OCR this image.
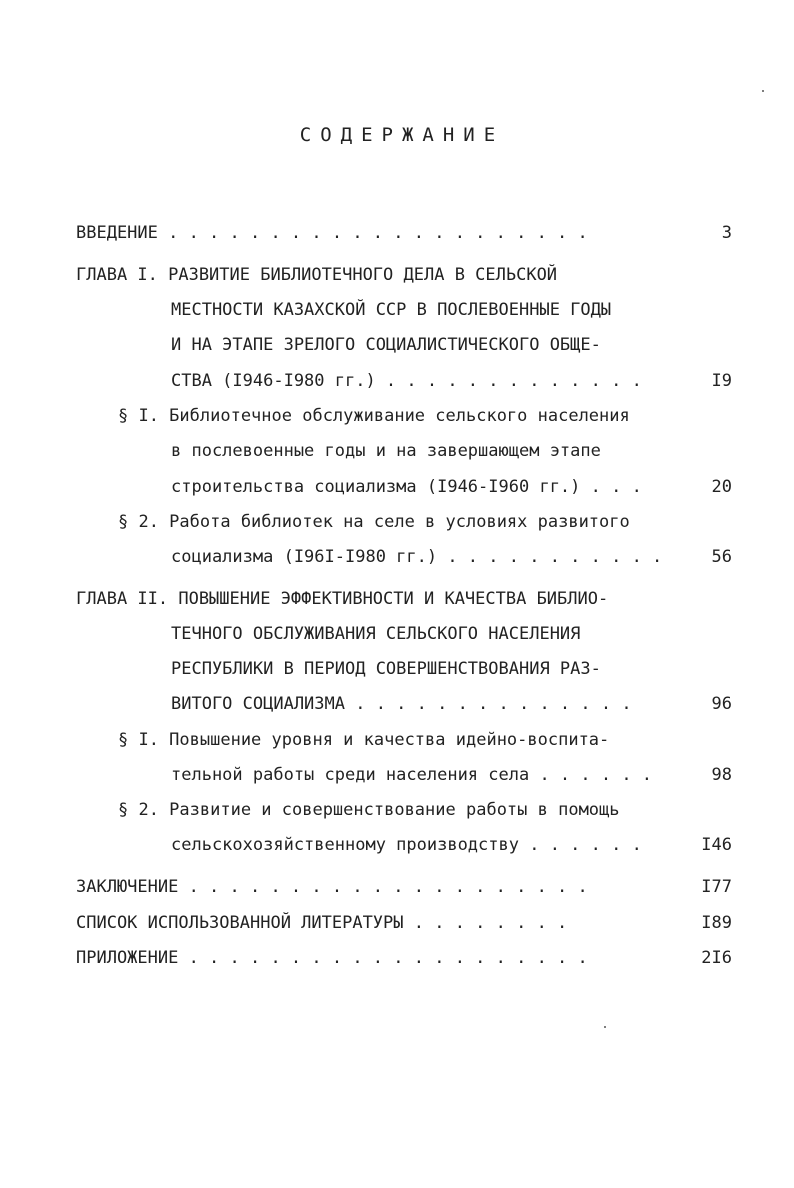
СОДЕРЖАНИЕ
ВВЕДЕНИЕ . . . . . . . . . . . . . . . . . . . . .	3
ГЛАВА I. РАЗВИТИЕ БИБЛИОТЕЧНОГО ДЕЛА В СЕЛЬСКОЙ
МЕСТНОСТИ КАЗАХСКОЙ ССР В ПОСЛЕВОЕННЫЕ ГОДЫ
И НА ЭТАПЕ ЗРЕЛОГО СОЦИАЛИСТИЧЕСКОГО ОБЩЕ-
СТВА (I946-I980 гг.) . . . . . . . . . . . . .	I9
§ I. Библиотечное обслуживание сельского населения
в послевоенные годы и на завершающем этапе
строительства социализма (I946-I960 гг.) . . .	20
§ 2. Работа библиотек на селе в условиях развитого
социализма (I96I-I980 гг.) . . . . . . . . . . .	56
ГЛАВА II. ПОВЫШЕНИЕ ЭФФЕКТИВНОСТИ И КАЧЕСТВА БИБЛИО-
ТЕЧНОГО ОБСЛУЖИВАНИЯ СЕЛЬСКОГО НАСЕЛЕНИЯ
РЕСПУБЛИКИ В ПЕРИОД СОВЕРШЕНСТВОВАНИЯ РАЗ-
ВИТОГО СОЦИАЛИЗМА . . . . . . . . . . . . . .	96
§ I. Повышение уровня и качества идейно-воспита-
тельной работы среди населения села . . . . . .	98
§ 2. Развитие и совершенствование работы в помощь
сельскохозяйственному производству . . . . . .	I46
ЗАКЛЮЧЕНИЕ . . . . . . . . . . . . . . . . . . . .	I77
СПИСОК ИСПОЛЬЗОВАННОЙ ЛИТЕРАТУРЫ . . . . . . . .	I89
ПРИЛОЖЕНИЕ . . . . . . . . . . . . . . . . . . . .	2I6
